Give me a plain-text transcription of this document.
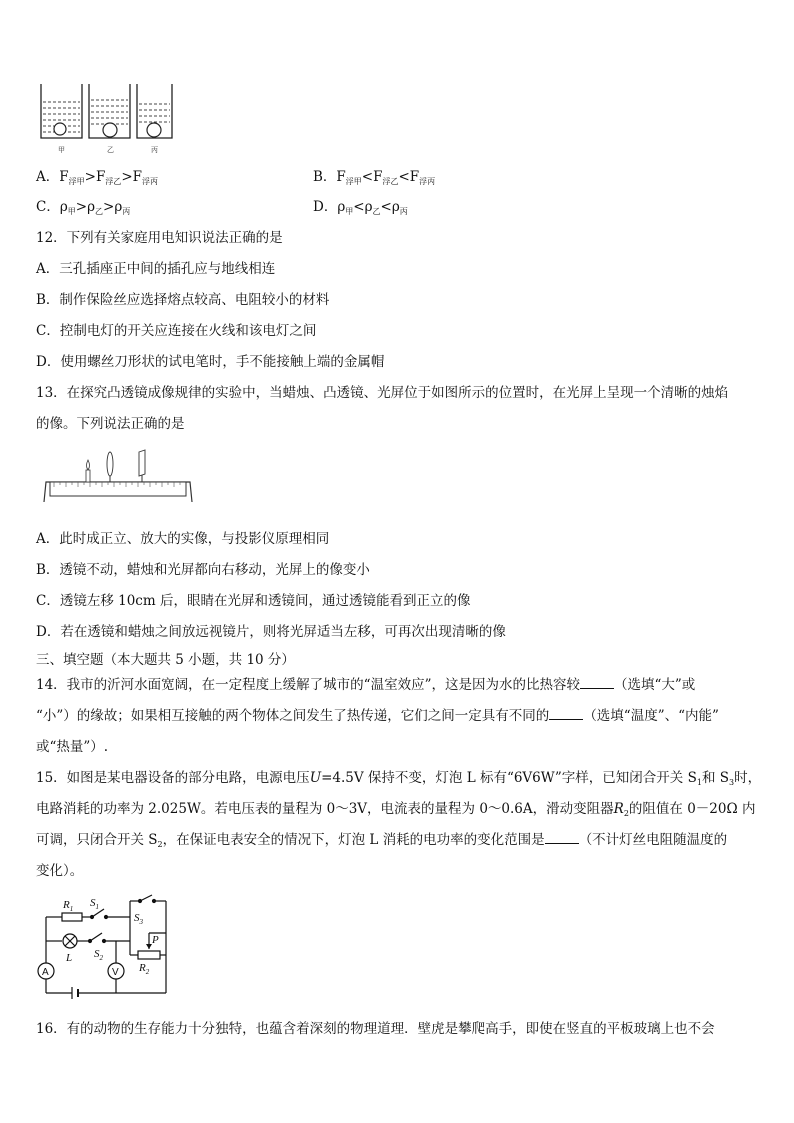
甲	乙	丙
A．$F_{浮甲}>F_{浮乙}>F_{浮丙}$	B．$F_{浮甲}<F_{浮乙}<F_{浮丙}$
C．$\rho_甲>\rho_乙>\rho_丙$	D．$\rho_甲<\rho_乙<\rho_丙$
12．下列有关家庭用电知识说法正确的是
A．三孔插座正中间的插孔应与地线相连
B．制作保险丝应选择熔点较高、电阻较小的材料
C．控制电灯的开关应连接在火线和该电灯之间
D．使用螺丝刀形状的试电笔时，手不能接触上端的金属帽
13．在探究凸透镜成像规律的实验中，当蜡烛、凸透镜、光屏位于如图所示的位置时，在光屏上呈现一个清晰的烛焰
的像。下列说法正确的是
A．此时成正立、放大的实像，与投影仪原理相同
B．透镜不动，蜡烛和光屏都向右移动，光屏上的像变小
C．透镜左移 10cm 后，眼睛在光屏和透镜间，通过透镜能看到正立的像
D．若在透镜和蜡烛之间放远视镜片，则将光屏适当左移，可再次出现清晰的像
三、填空题（本大题共 5 小题，共 10 分）
14．我市的沂河水面宽阔，在一定程度上缓解了城市的“温室效应”，这是因为水的比热容较	（选填“大”或
“小”）的缘故；如果相互接触的两个物体之间发生了热传递，它们之间一定具有不同的	（选填“温度”、“内能”
或“热量”）.
15．如图是某电器设备的部分电路，电源电压U=4.5V 保持不变，灯泡 L 标有“6V6W”字样，已知闭合开关 $S_1$和 $S_3$时，
电路消耗的功率为 2.025W。若电压表的量程为 0～3V，电流表的量程为 0～0.6A，滑动变阻器$R_2$的阻值在 0－20Ω 内
可调，只闭合开关 $S_2$，在保证电表安全的情况下，灯泡 L 消耗的电功率的变化范围是	（不计灯丝电阻随温度的
变化）。
$R_1$ $S_1$
$S_3$
P
$R_2$
L $S_2$
A	V
16．有的动物的生存能力十分独特，也蕴含着深刻的物理道理．壁虎是攀爬高手，即使在竖直的平板玻璃上也不会
